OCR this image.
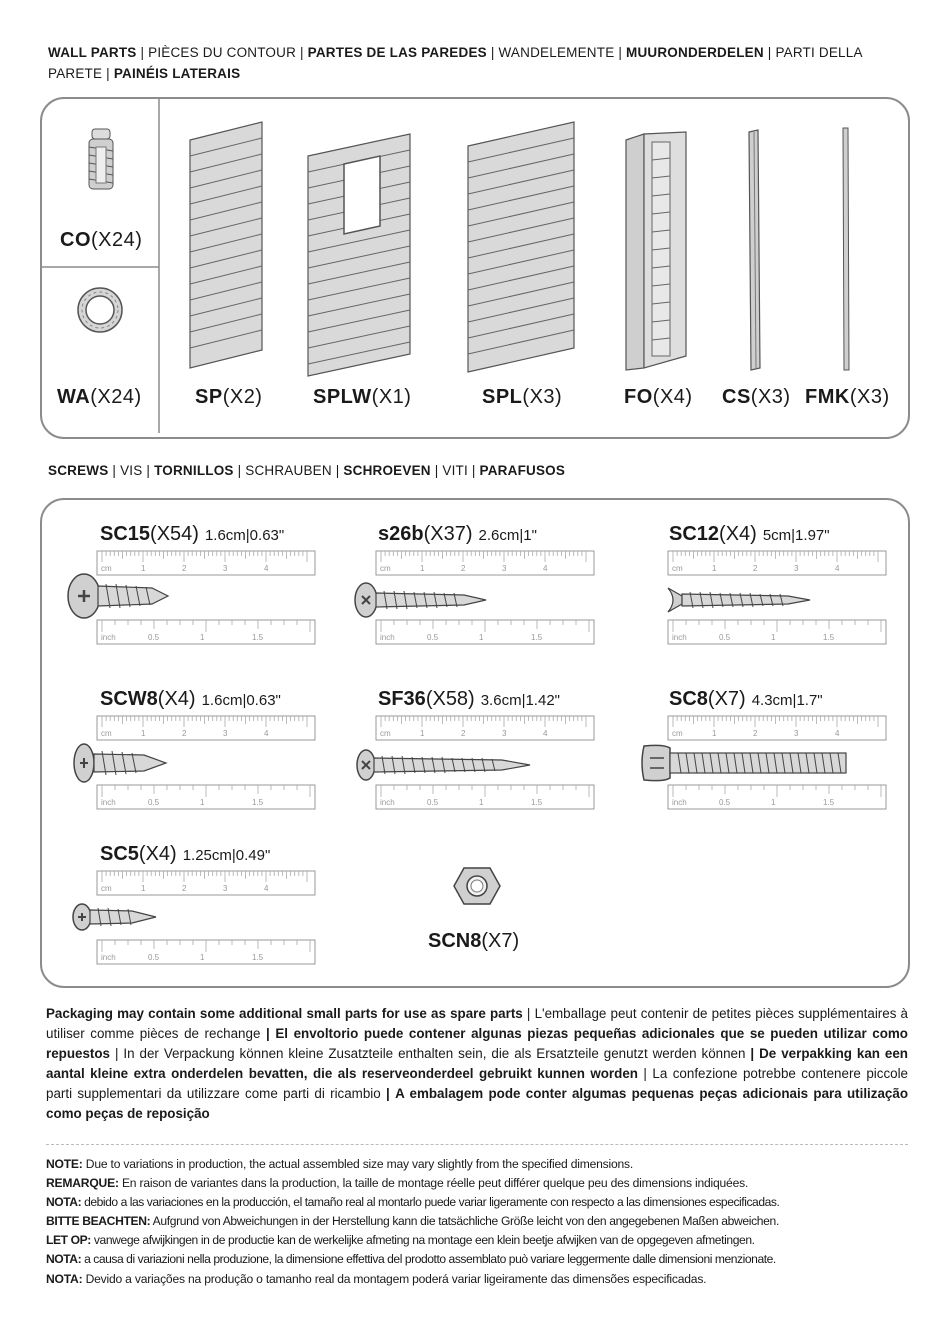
WALL PARTS | PIÈCES DU CONTOUR | PARTES DE LAS PAREDES | WANDELEMENTE | MUURONDERDELEN | PARTI DELLA PARETE | PAINÉIS LATERAIS
CO(X24)
WA(X24)	SP(X2)	SPLW(X1)	SPL(X3)	FO(X4) CS(X3) FMK(X3)
SCREWS | VIS | TORNILLOS | SCHRAUBEN | SCHROEVEN | VITI | PARAFUSOS
SC15(X54) 1.6cm|0.63"	s26b(X37) 2.6cm|1"	SC12(X4) 5cm|1.97"
SCW8(X4) 1.6cm|0.63"	SF36(X58) 3.6cm|1.42"	SC8(X7) 4.3cm|1.7"
SC5(X4) 1.25cm|0.49"
SCN8(X7)
cm	1	2	3	4
inch	0.5	1	1.5
cm	1	2	3	4
inch	0.5	1	1.5
cm	1	2	3	4
inch	0.5	1	1.5
cm	1	2	3	4
inch	0.5	1	1.5
cm	1	2	3	4
inch	0.5	1	1.5
cm	1	2	3	4
inch	0.5	1	1.5
cm	1	2	3	4
inch	0.5	1	1.5
Packaging may contain some additional small parts for use as spare parts | L'emballage peut contenir de petites pièces supplémentaires à utiliser comme pièces de rechange | El envoltorio puede contener algunas piezas pequeñas adicionales que se pueden utilizar como repuestos | In der Verpackung können kleine Zusatzteile enthalten sein, die als Ersatzteile genutzt werden können | De verpakking kan een aantal kleine extra onderdelen bevatten, die als reserveonderdeel gebruikt kunnen worden | La confezione potrebbe contenere piccole parti supplementari da utilizzare come parti di ricambio | A embalagem pode conter algumas pequenas peças adicionais para utilização como peças de reposição
NOTE: Due to variations in production, the actual assembled size may vary slightly from the specified dimensions.
REMARQUE: En raison de variantes dans la production, la taille de montage réelle peut différer quelque peu des dimensions indiquées.
NOTA: debido a las variaciones en la producción, el tamaño real al montarlo puede variar ligeramente con respecto a las dimensiones especificadas.
BITTE BEACHTEN: Aufgrund von Abweichungen in der Herstellung kann die tatsächliche Größe leicht von den angegebenen Maßen abweichen.
LET OP: vanwege afwijkingen in de productie kan de werkelijke afmeting na montage een klein beetje afwijken van de opgegeven afmetingen.
NOTA: a causa di variazioni nella produzione, la dimensione effettiva del prodotto assemblato può variare leggermente dalle dimensioni menzionate.
NOTA: Devido a variações na produção o tamanho real da montagem poderá variar ligeiramente das dimensões especificadas.
